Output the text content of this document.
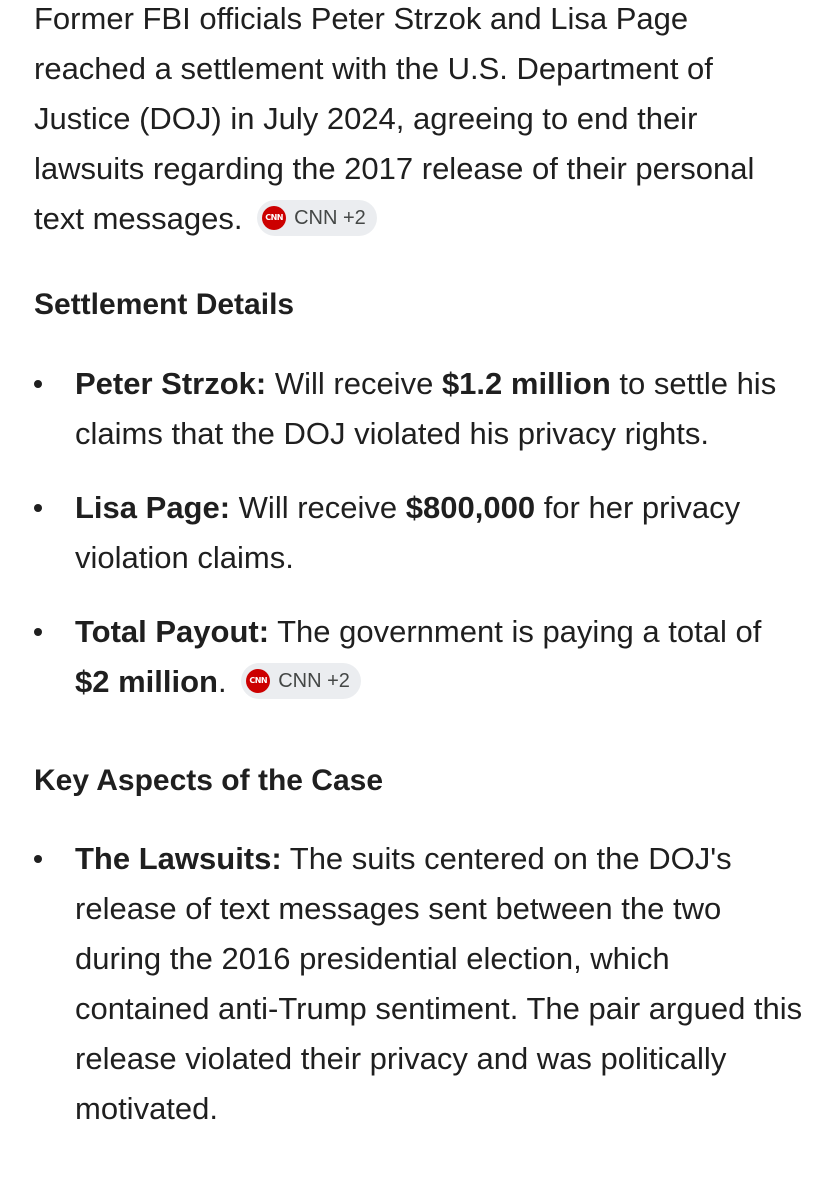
Former FBI officials Peter Strzok and Lisa Page reached a settlement with the U.S. Department of Justice (DOJ) in July 2024, agreeing to end their lawsuits regarding the 2017 release of their personal text messages.	CNN CNN +2

Settlement Details
Peter Strzok: Will receive $1.2 million to settle his claims that the DOJ violated his privacy rights.
Lisa Page: Will receive $800,000 for her privacy violation claims.
Total Payout: The government is paying a total of $2 million.	CNN CNN +2
Key Aspects of the Case
The Lawsuits: The suits centered on the DOJ's release of text messages sent between the two during the 2016 presidential election, which contained anti-Trump sentiment. The pair argued this release violated their privacy and was politically motivated.
